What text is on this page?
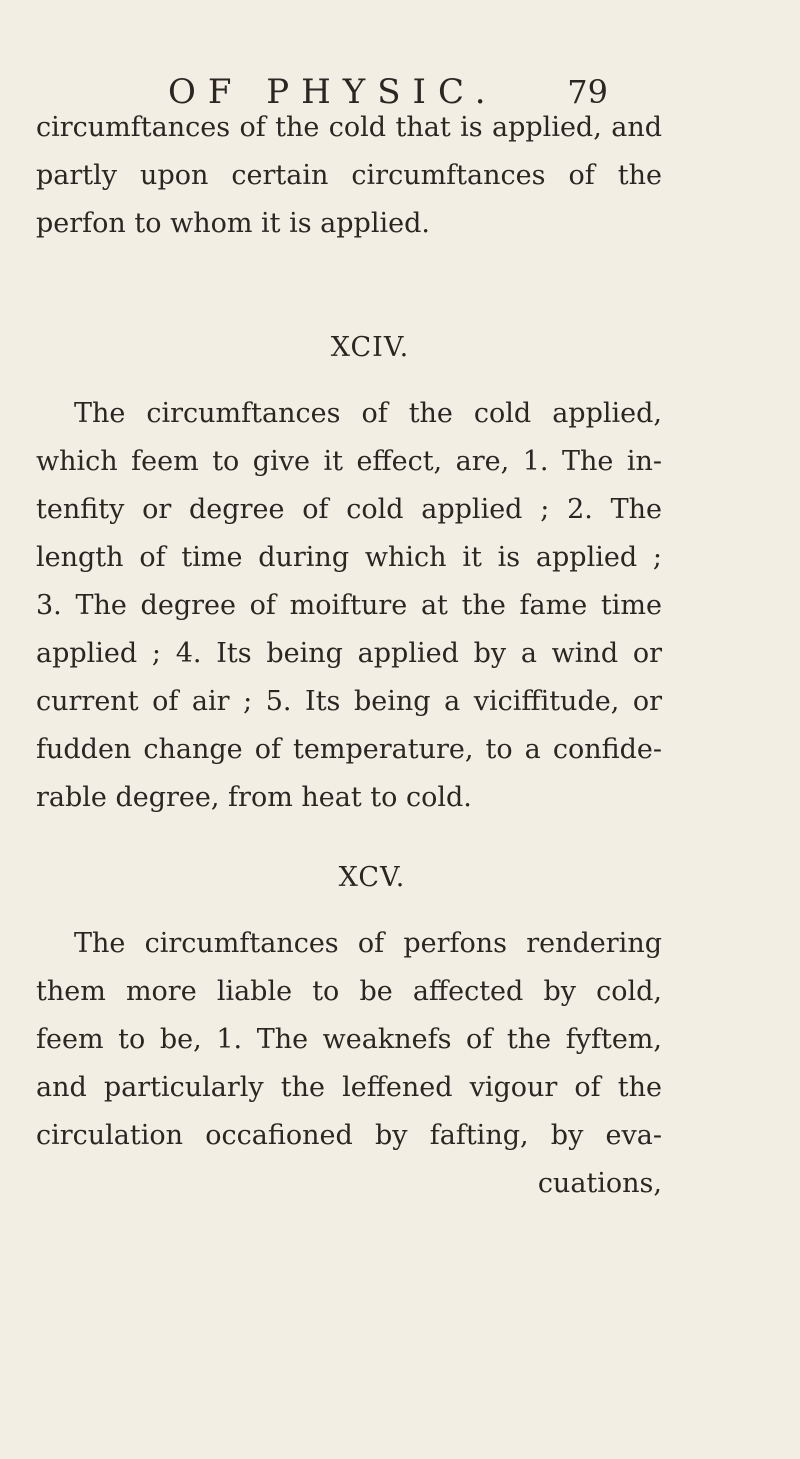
OF PHYSIC. 79
circumftances of the cold that is applied, and
partly upon certain circumftances of the
perfon to whom it is applied.
XCIV.
The circumftances of the cold applied,
which feem to give it effect, are, 1. The in-
tenfity or degree of cold applied ; 2. The
length of time during which it is applied ;
3. The degree of moifture at the fame time
applied ; 4. Its being applied by a wind or
current of air ; 5. Its being a viciffitude, or
fudden change of temperature, to a confide-
rable degree, from heat to cold.
XCV.
The circumftances of perfons rendering
them more liable to be affected by cold,
feem to be, 1. The weaknefs of the fyftem,
and particularly the leffened vigour of the
circulation occafioned by fafting, by eva-
cuations,
